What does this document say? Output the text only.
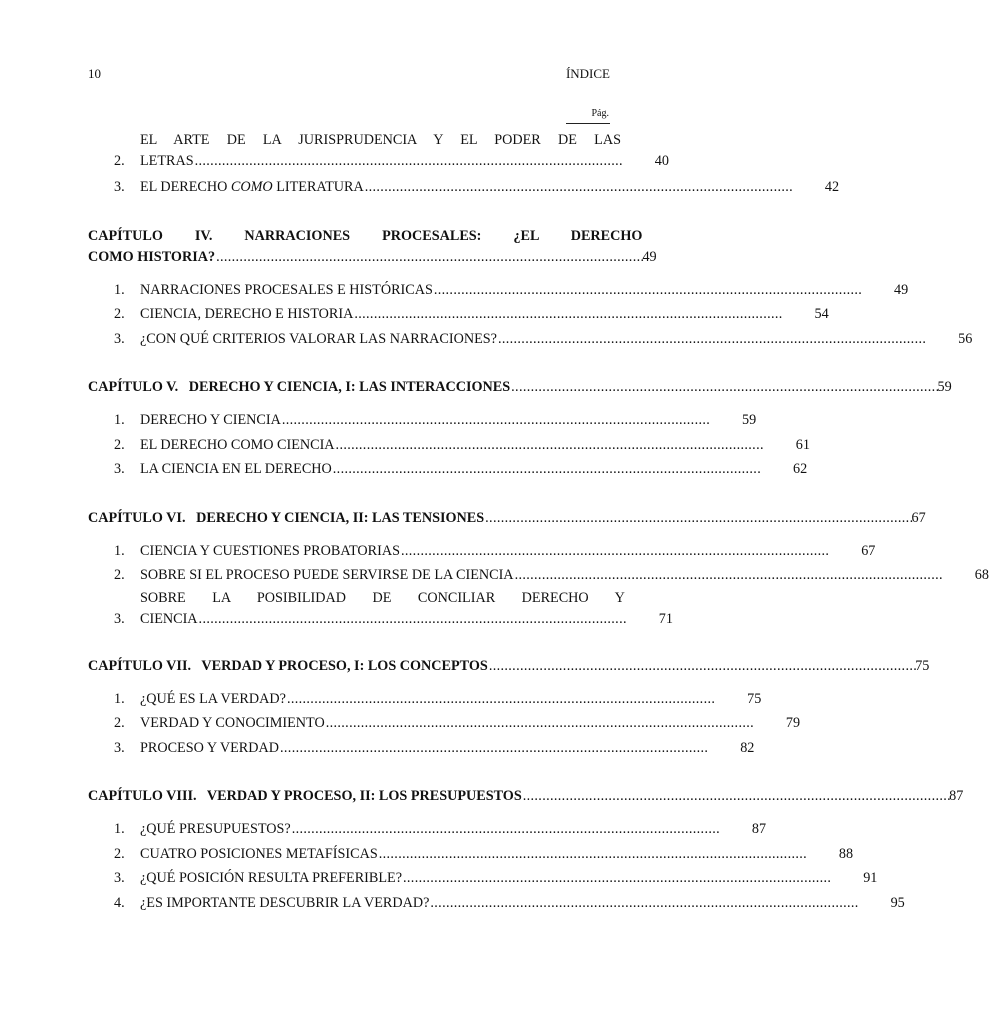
10	ÍNDICE
Pág.
2.
EL ARTE DE LA JURISPRUDENCIA Y EL PODER DE LAS
LETRAS . . .	40
3.	EL DERECHO COMO LITERATURA . . .	42
CAPÍTULO IV. NARRACIONES PROCESALES: ¿EL DERECHO
COMO HISTORIA? . . .	49
1.	NARRACIONES PROCESALES E HISTÓRICAS . . .	49
2.	CIENCIA, DERECHO E HISTORIA . . .	54
3.	¿CON QUÉ CRITERIOS VALORAR LAS NARRACIONES? . . .	56
CAPÍTULO V.   DERECHO Y CIENCIA, I: LAS INTERACCIONES . . .	59
1.	DERECHO Y CIENCIA . . .	59
2.	EL DERECHO COMO CIENCIA . . .	61
3.	LA CIENCIA EN EL DERECHO . . .	62
CAPÍTULO VI.   DERECHO Y CIENCIA, II: LAS TENSIONES . . .	67
1.	CIENCIA Y CUESTIONES PROBATORIAS . . .	67
2.	SOBRE SI EL PROCESO PUEDE SERVIRSE DE LA CIENCIA . . .	68
3.
SOBRE LA POSIBILIDAD DE CONCILIAR DERECHO Y
CIENCIA . . .	71
CAPÍTULO VII.   VERDAD Y PROCESO, I: LOS CONCEPTOS . . .	75
1.	¿QUÉ ES LA VERDAD? . . .	75
2.	VERDAD Y CONOCIMIENTO . . .	79
3.	PROCESO Y VERDAD . . .	82
CAPÍTULO VIII.   VERDAD Y PROCESO, II: LOS PRESUPUESTOS . . .	87
1.	¿QUÉ PRESUPUESTOS? . . .	87
2.	CUATRO POSICIONES METAFÍSICAS . . .	88
3.	¿QUÉ POSICIÓN RESULTA PREFERIBLE? . . .	91
4.	¿ES IMPORTANTE DESCUBRIR LA VERDAD? . . .	95
